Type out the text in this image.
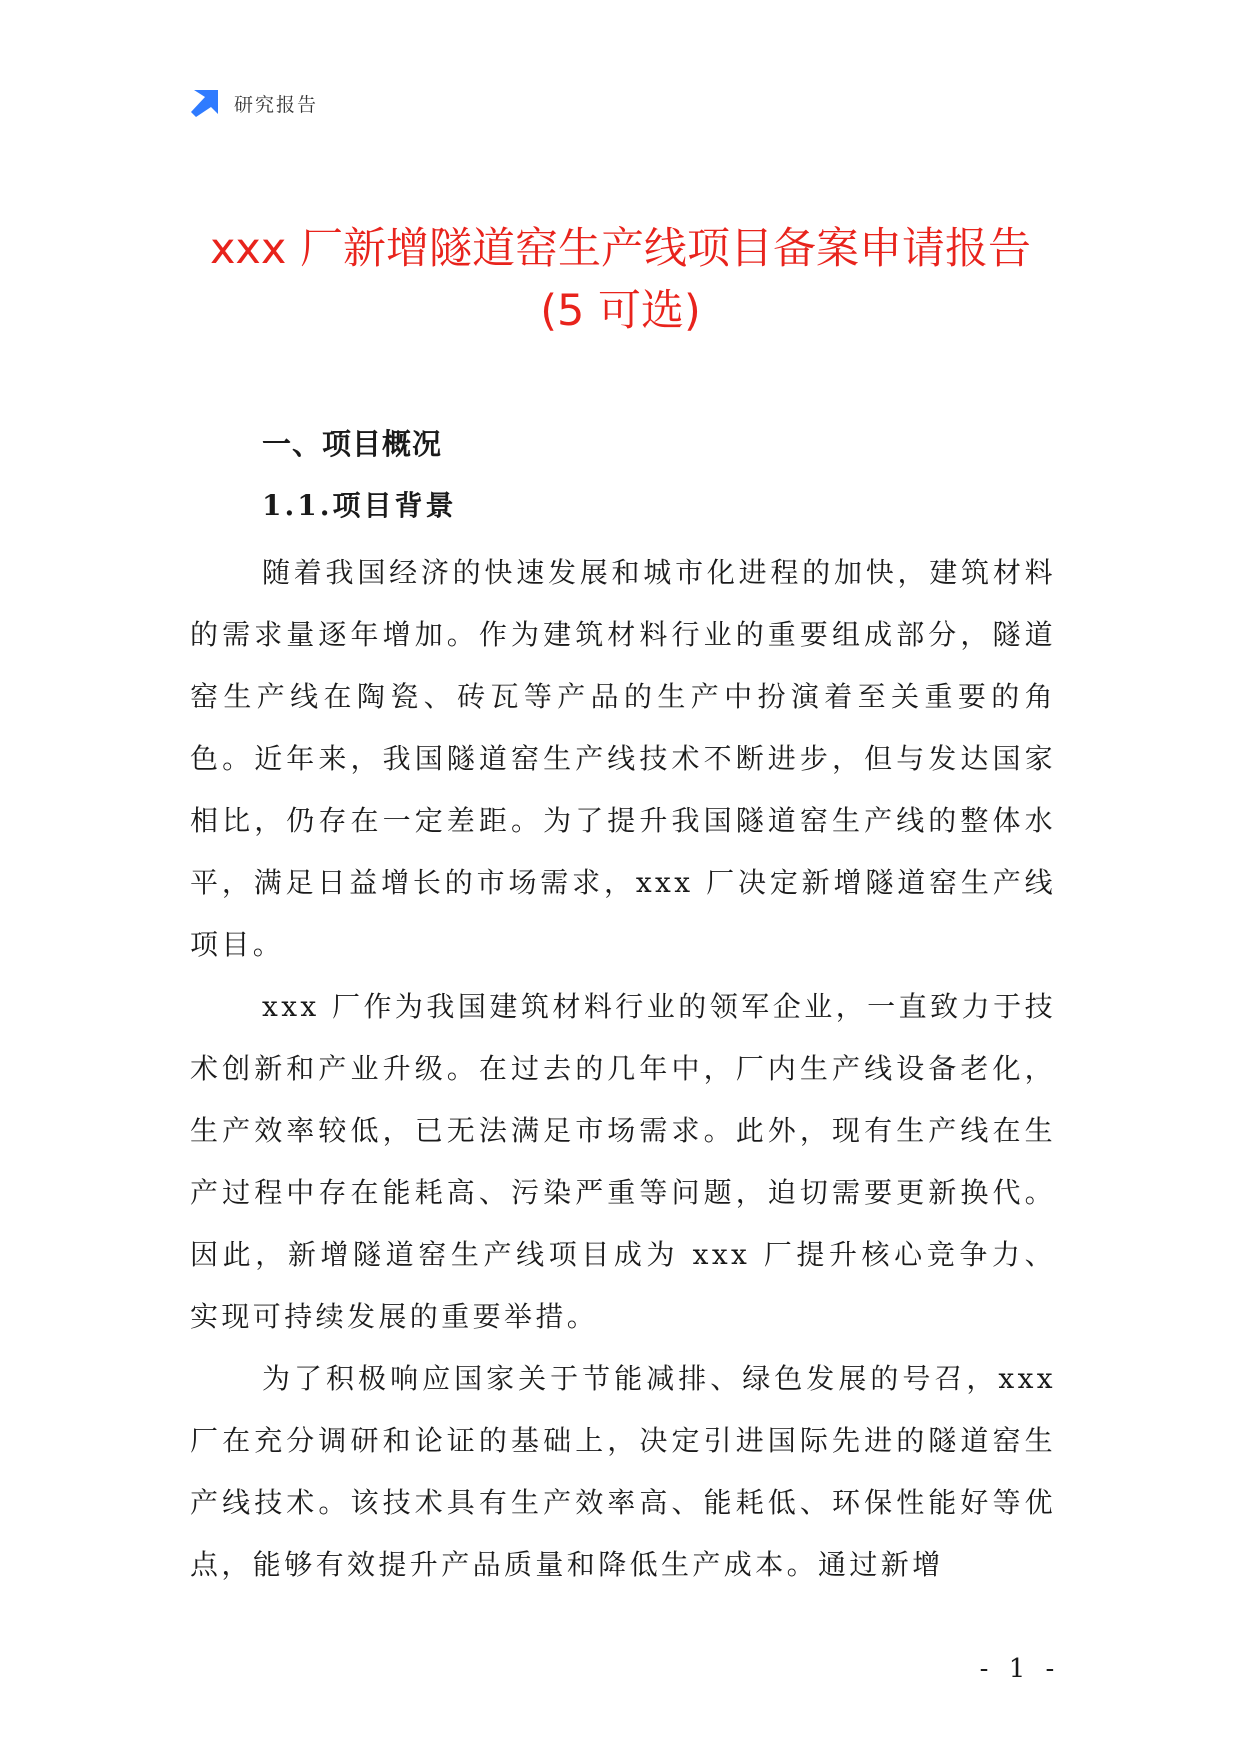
研究报告
xxx 厂新增隧道窑生产线项目备案申请报告
(5 可选)
一、项目概况
1.1.项目背景

随着我国经济的快速发展和城市化进程的加快，建筑材料的需求量逐年增加。作为建筑材料行业的重要组成部分，隧道窑生产线在陶瓷、砖瓦等产品的生产中扮演着至关重要的角色。近年来，我国隧道窑生产线技术不断进步，但与发达国家相比，仍存在一定差距。为了提升我国隧道窑生产线的整体水平，满足日益增长的市场需求，xxx 厂决定新增隧道窑生产线项目。

xxx 厂作为我国建筑材料行业的领军企业，一直致力于技术创新和产业升级。在过去的几年中，厂内生产线设备老化，生产效率较低，已无法满足市场需求。此外，现有生产线在生产过程中存在能耗高、污染严重等问题，迫切需要更新换代。因此，新增隧道窑生产线项目成为 xxx 厂提升核心竞争力、实现可持续发展的重要举措。

为了积极响应国家关于节能减排、绿色发展的号召，xxx 厂在充分调研和论证的基础上，决定引进国际先进的隧道窑生产线技术。该技术具有生产效率高、能耗低、环保性能好等优点，能够有效提升产品质量和降低生产成本。通过新增

- 1 -
